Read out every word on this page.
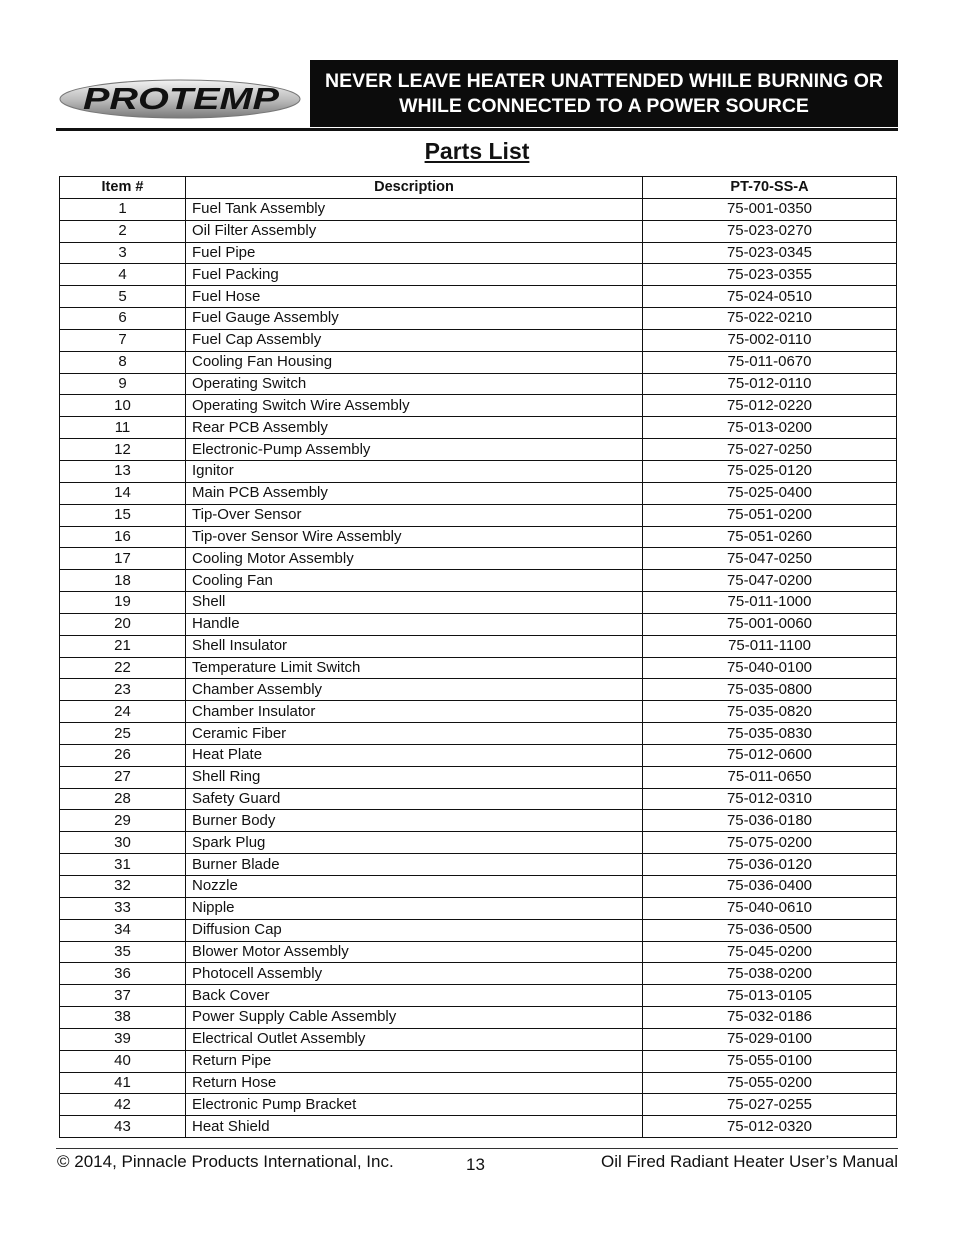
PROTEMP
NEVER LEAVE HEATER UNATTENDED WHILE BURNING OR
WHILE CONNECTED TO A POWER SOURCE
Parts List
Item #	Description	PT-70-SS-A
1	Fuel Tank Assembly	75-001-0350
2	Oil Filter Assembly	75-023-0270
3	Fuel Pipe	75-023-0345
4	Fuel Packing	75-023-0355
5	Fuel Hose	75-024-0510
6	Fuel Gauge Assembly	75-022-0210
7	Fuel Cap Assembly	75-002-0110
8	Cooling Fan Housing	75-011-0670
9	Operating Switch	75-012-0110
10	Operating Switch Wire Assembly	75-012-0220
11	Rear PCB Assembly	75-013-0200
12	Electronic-Pump Assembly	75-027-0250
13	Ignitor	75-025-0120
14	Main PCB Assembly	75-025-0400
15	Tip-Over Sensor	75-051-0200
16	Tip-over Sensor Wire Assembly	75-051-0260
17	Cooling Motor Assembly	75-047-0250
18	Cooling Fan	75-047-0200
19	Shell	75-011-1000
20	Handle	75-001-0060
21	Shell Insulator	75-011-1100
22	Temperature Limit Switch	75-040-0100
23	Chamber Assembly	75-035-0800
24	Chamber Insulator	75-035-0820
25	Ceramic Fiber	75-035-0830
26	Heat Plate	75-012-0600
27	Shell Ring	75-011-0650
28	Safety Guard	75-012-0310
29	Burner Body	75-036-0180
30	Spark Plug	75-075-0200
31	Burner Blade	75-036-0120
32	Nozzle	75-036-0400
33	Nipple	75-040-0610
34	Diffusion Cap	75-036-0500
35	Blower Motor Assembly	75-045-0200
36	Photocell Assembly	75-038-0200
37	Back Cover	75-013-0105
38	Power Supply Cable Assembly	75-032-0186
39	Electrical Outlet Assembly	75-029-0100
40	Return Pipe	75-055-0100
41	Return Hose	75-055-0200
42	Electronic Pump Bracket	75-027-0255
43	Heat Shield	75-012-0320
© 2014, Pinnacle Products International, Inc.	13	Oil Fired Radiant Heater User’s Manual
